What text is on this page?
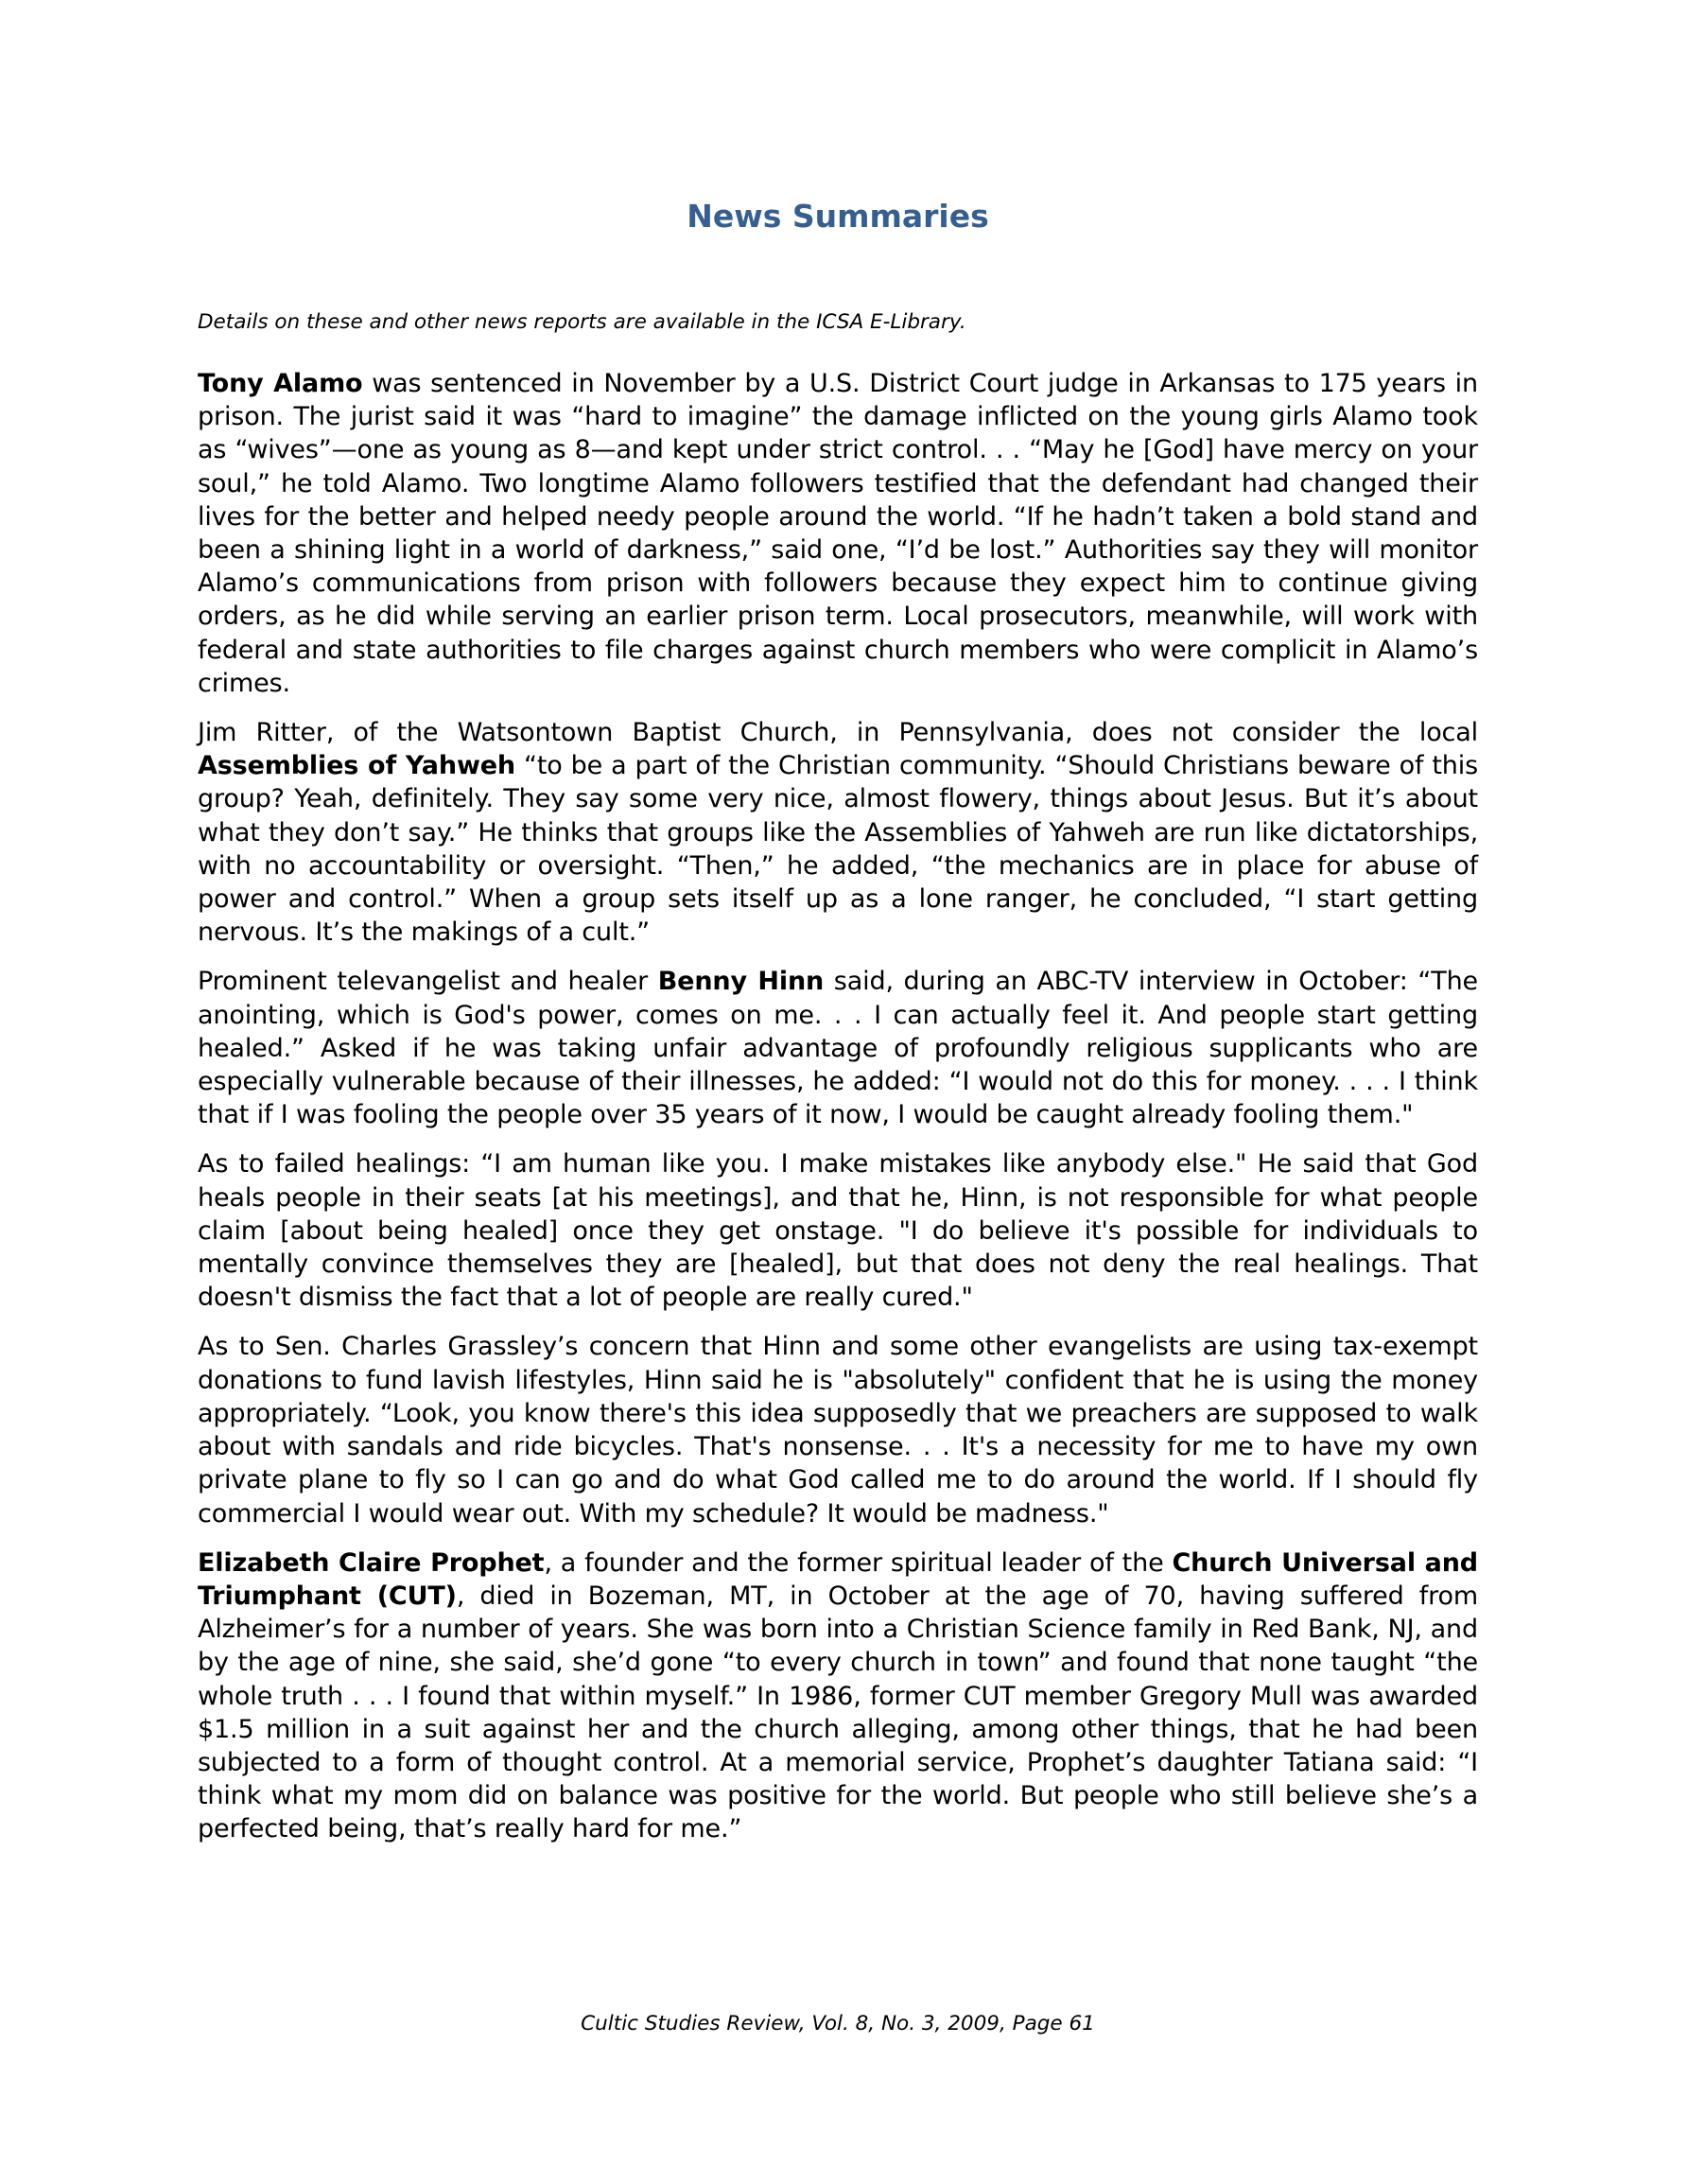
News Summaries

Details on these and other news reports are available in the ICSA E-Library.

Tony Alamo was sentenced in November by a U.S. District Court judge in Arkansas to 175 years in prison. The jurist said it was “hard to imagine” the damage inflicted on the young girls Alamo took as “wives”—one as young as 8—and kept under strict control. . . “May he [God] have mercy on your soul,” he told Alamo. Two longtime Alamo followers testified that the defendant had changed their lives for the better and helped needy people around the world. “If he hadn’t taken a bold stand and been a shining light in a world of darkness,” said one, “I’d be lost.” Authorities say they will monitor Alamo’s communications from prison with followers because they expect him to continue giving orders, as he did while serving an earlier prison term. Local prosecutors, meanwhile, will work with federal and state authorities to file charges against church members who were complicit in Alamo’s crimes.

Jim Ritter, of the Watsontown Baptist Church, in Pennsylvania, does not consider the local Assemblies of Yahweh “to be a part of the Christian community. “Should Christians beware of this group? Yeah, definitely. They say some very nice, almost flowery, things about Jesus. But it’s about what they don’t say.” He thinks that groups like the Assemblies of Yahweh are run like dictatorships, with no accountability or oversight. “Then,” he added, “the mechanics are in place for abuse of power and control.” When a group sets itself up as a lone ranger, he concluded, “I start getting nervous. It’s the makings of a cult.”

Prominent televangelist and healer Benny Hinn said, during an ABC-TV interview in October: “The anointing, which is God's power, comes on me. . . I can actually feel it. And people start getting healed.” Asked if he was taking unfair advantage of profoundly religious supplicants who are especially vulnerable because of their illnesses, he added: “I would not do this for money. . . . I think that if I was fooling the people over 35 years of it now, I would be caught already fooling them."

As to failed healings: “I am human like you. I make mistakes like anybody else." He said that God heals people in their seats [at his meetings], and that he, Hinn, is not responsible for what people claim [about being healed] once they get onstage. "I do believe it's possible for individuals to mentally convince themselves they are [healed], but that does not deny the real healings. That doesn't dismiss the fact that a lot of people are really cured."

As to Sen. Charles Grassley’s concern that Hinn and some other evangelists are using tax-exempt donations to fund lavish lifestyles, Hinn said he is "absolutely" confident that he is using the money appropriately. “Look, you know there's this idea supposedly that we preachers are supposed to walk about with sandals and ride bicycles. That's nonsense. . . It's a necessity for me to have my own private plane to fly so I can go and do what God called me to do around the world. If I should fly commercial I would wear out. With my schedule? It would be madness."

Elizabeth Claire Prophet, a founder and the former spiritual leader of the Church Universal and Triumphant (CUT), died in Bozeman, MT, in October at the age of 70, having suffered from Alzheimer’s for a number of years. She was born into a Christian Science family in Red Bank, NJ, and by the age of nine, she said, she’d gone “to every church in town” and found that none taught “the whole truth . . . I found that within myself.” In 1986, former CUT member Gregory Mull was awarded $1.5 million in a suit against her and the church alleging, among other things, that he had been subjected to a form of thought control. At a memorial service, Prophet’s daughter Tatiana said: “I think what my mom did on balance was positive for the world. But people who still believe she’s a perfected being, that’s really hard for me.”

Cultic Studies Review, Vol. 8, No. 3, 2009, Page 61
